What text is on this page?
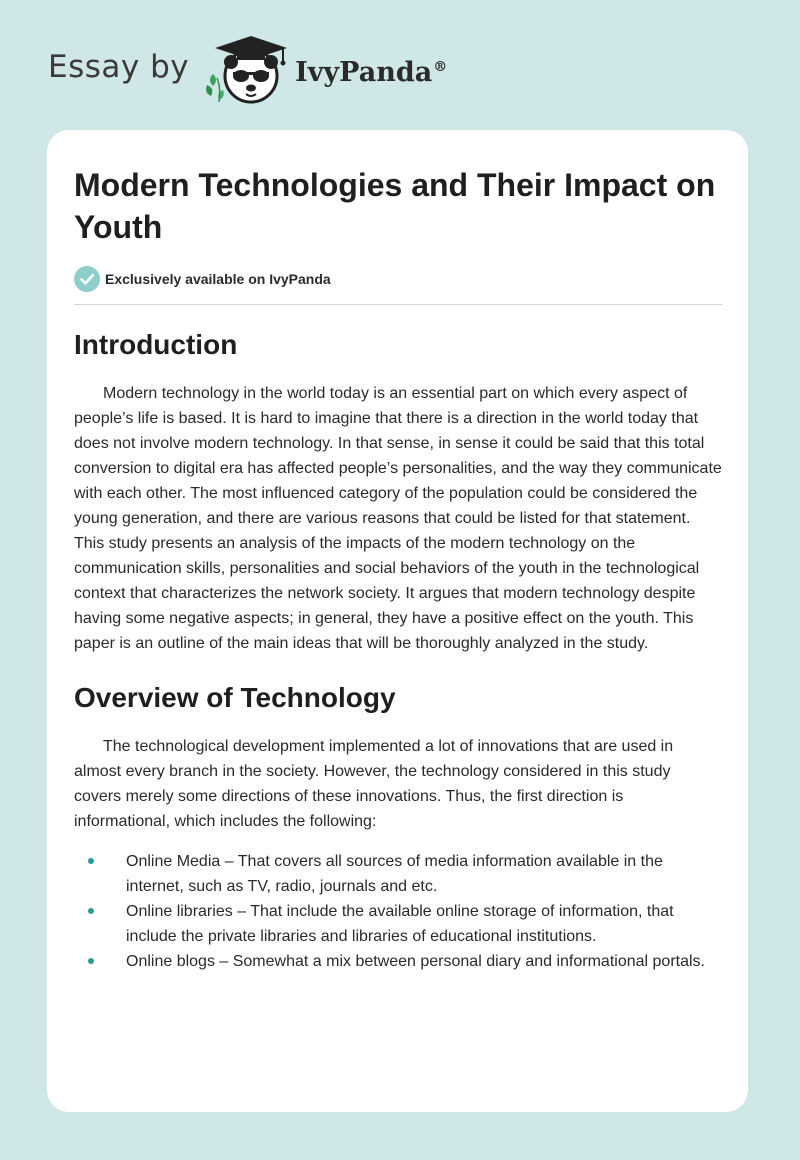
Essay by	IvyPanda®
Modern Technologies and Their Impact on Youth
Exclusively available on IvyPanda
Introduction

Modern technology in the world today is an essential part on which every aspect of people’s life is based. It is hard to imagine that there is a direction in the world today that does not involve modern technology. In that sense, in sense it could be said that this total conversion to digital era has affected people’s personalities, and the way they communicate with each other. The most influenced category of the population could be considered the young generation, and there are various reasons that could be listed for that statement. This study presents an analysis of the impacts of the modern technology on the communication skills, personalities and social behaviors of the youth in the technological context that characterizes the network society. It argues that modern technology despite having some negative aspects; in general, they have a positive effect on the youth. This paper is an outline of the main ideas that will be thoroughly analyzed in the study.

Overview of Technology

The technological development implemented a lot of innovations that are used in almost every branch in the society. However, the technology considered in this study covers merely some directions of these innovations. Thus, the first direction is informational, which includes the following:

Online Media – That covers all sources of media information available in the internet, such as TV, radio, journals and etc.
Online libraries – That include the available online storage of information, that include the private libraries and libraries of educational institutions.
Online blogs – Somewhat a mix between personal diary and informational portals.
